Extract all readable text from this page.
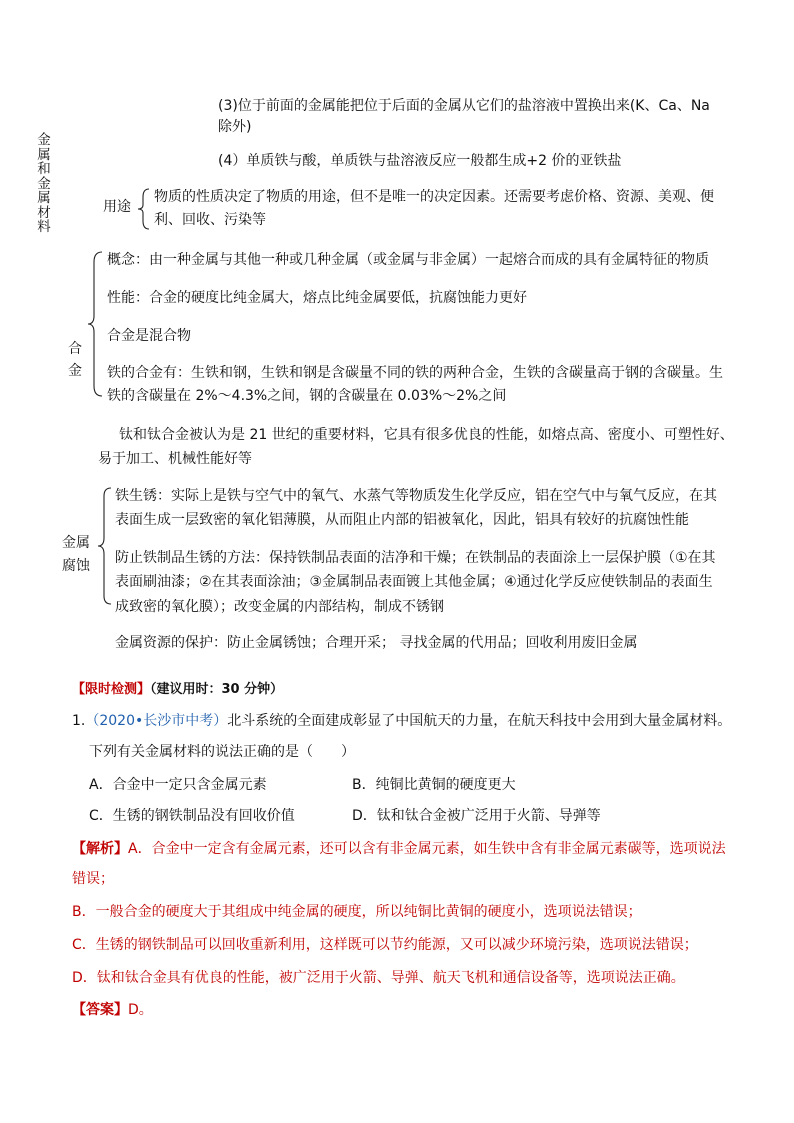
金属和金属材料
(3)位于前面的金属能把位于后面的金属从它们的盐溶液中置换出来(K、Ca、Na
除外)
(4）单质铁与酸，单质铁与盐溶液反应一般都生成+2 价的亚铁盐
用途
物质的性质决定了物质的用途，但不是唯一的决定因素。还需要考虑价格、资源、美观、便
利、回收、污染等
合
金
概念：由一种金属与其他一种或几种金属（或金属与非金属）一起熔合而成的具有金属特征的物质
性能：合金的硬度比纯金属大，熔点比纯金属要低，抗腐蚀能力更好
合金是混合物
铁的合金有：生铁和钢，生铁和钢是含碳量不同的铁的两种合金，生铁的含碳量高于钢的含碳量。生
铁的含碳量在 2%～4.3%之间，钢的含碳量在 0.03%～2%之间
钛和钛合金被认为是 21 世纪的重要材料，它具有很多优良的性能，如熔点高、密度小、可塑性好、
易于加工、机械性能好等
金属
腐蚀
铁生锈：实际上是铁与空气中的氧气、水蒸气等物质发生化学反应，铝在空气中与氧气反应，在其
表面生成一层致密的氧化铝薄膜，从而阻止内部的铝被氧化，因此，铝具有较好的抗腐蚀性能
防止铁制品生锈的方法：保持铁制品表面的洁净和干燥；在铁制品的表面涂上一层保护膜（①在其
表面刷油漆；②在其表面涂油；③金属制品表面镀上其他金属；④通过化学反应使铁制品的表面生
成致密的氧化膜）；改变金属的内部结构，制成不锈钢
金属资源的保护：防止金属锈蚀；合理开采； 寻找金属的代用品；回收利用废旧金属
【限时检测】（建议用时：30 分钟）
1.（2020•长沙市中考）北斗系统的全面建成彰显了中国航天的力量，在航天科技中会用到大量金属材料。
下列有关金属材料的说法正确的是（　　）
A．合金中一定只含金属元素	B．纯铜比黄铜的硬度更大
C．生锈的钢铁制品没有回收价值	D．钛和钛合金被广泛用于火箭、导弹等
【解析】A．合金中一定含有金属元素，还可以含有非金属元素，如生铁中含有非金属元素碳等，选项说法
错误；
B．一般合金的硬度大于其组成中纯金属的硬度，所以纯铜比黄铜的硬度小，选项说法错误；
C．生锈的钢铁制品可以回收重新利用，这样既可以节约能源，又可以减少环境污染，选项说法错误；
D．钛和钛合金具有优良的性能，被广泛用于火箭、导弹、航天飞机和通信设备等，选项说法正确。
【答案】D。
